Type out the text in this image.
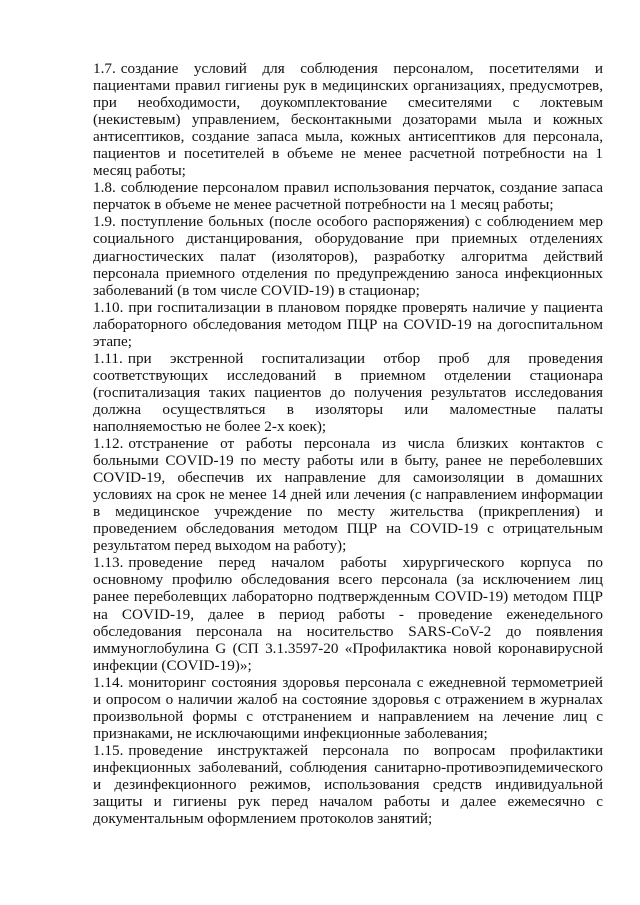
1.7. создание условий для соблюдения персоналом, посетителями и пациентами правил гигиены рук в медицинских организациях, предусмотрев, при необходимости, доукомплектование смесителями с локтевым (некистевым) управлением, бесконтакными дозаторами мыла и кожных антисептиков, создание запаса мыла, кожных антисептиков для персонала, пациентов и посетителей в объеме не менее расчетной потребности на 1 месяц работы;

1.8. соблюдение персоналом правил использования перчаток, создание запаса перчаток в объеме не менее расчетной потребности на 1 месяц работы;

1.9. поступление больных (после особого распоряжения) с соблюдением мер социального дистанцирования, оборудование при приемных отделениях диагностических палат (изоляторов), разработку алгоритма действий персонала приемного отделения по предупреждению заноса инфекционных заболеваний (в том числе COVID-19) в стационар;

1.10. при госпитализации в плановом порядке проверять наличие у пациента лабораторного обследования методом ПЦР на COVID-19 на догоспитальном этапе;

1.11. при экстренной госпитализации отбор проб для проведения соответствующих исследований в приемном отделении стационара (госпитализация таких пациентов до получения результатов исследования должна осуществляться в изоляторы или маломестные палаты наполняемостью не более 2-х коек);

1.12. отстранение от работы персонала из числа близких контактов с больными COVID-19 по месту работы или в быту, ранее не переболевших COVID-19, обеспечив их направление для самоизоляции в домашних условиях на срок не менее 14 дней или лечения (с направлением информации в медицинское учреждение по месту жительства (прикрепления) и проведением обследования методом ПЦР на COVID-19 с отрицательным результатом перед выходом на работу);

1.13. проведение перед началом работы хирургического корпуса по основному профилю обследования всего персонала (за исключением лиц ранее переболевщих лабораторно подтвержденным COVID-19) методом ПЦР на COVID-19, далее в период работы - проведение еженедельного обследования персонала на носительство SARS-CoV-2 до появления иммуноглобулина G (СП 3.1.3597-20 «Профилактика новой коронавирусной инфекции (COVID-19)»;

1.14. мониторинг состояния здоровья персонала с ежедневной термометрией и опросом о наличии жалоб на состояние здоровья с отражением в журналах произвольной формы с отстранением и направлением на лечение лиц с признаками, не исключающими инфекционные заболевания;

1.15. проведение инструктажей персонала по вопросам профилактики инфекционных заболеваний, соблюдения санитарно-противоэпидемического и дезинфекционного режимов, использования средств индивидуальной защиты и гигиены рук перед началом работы и далее ежемесячно с документальным оформлением протоколов занятий;
